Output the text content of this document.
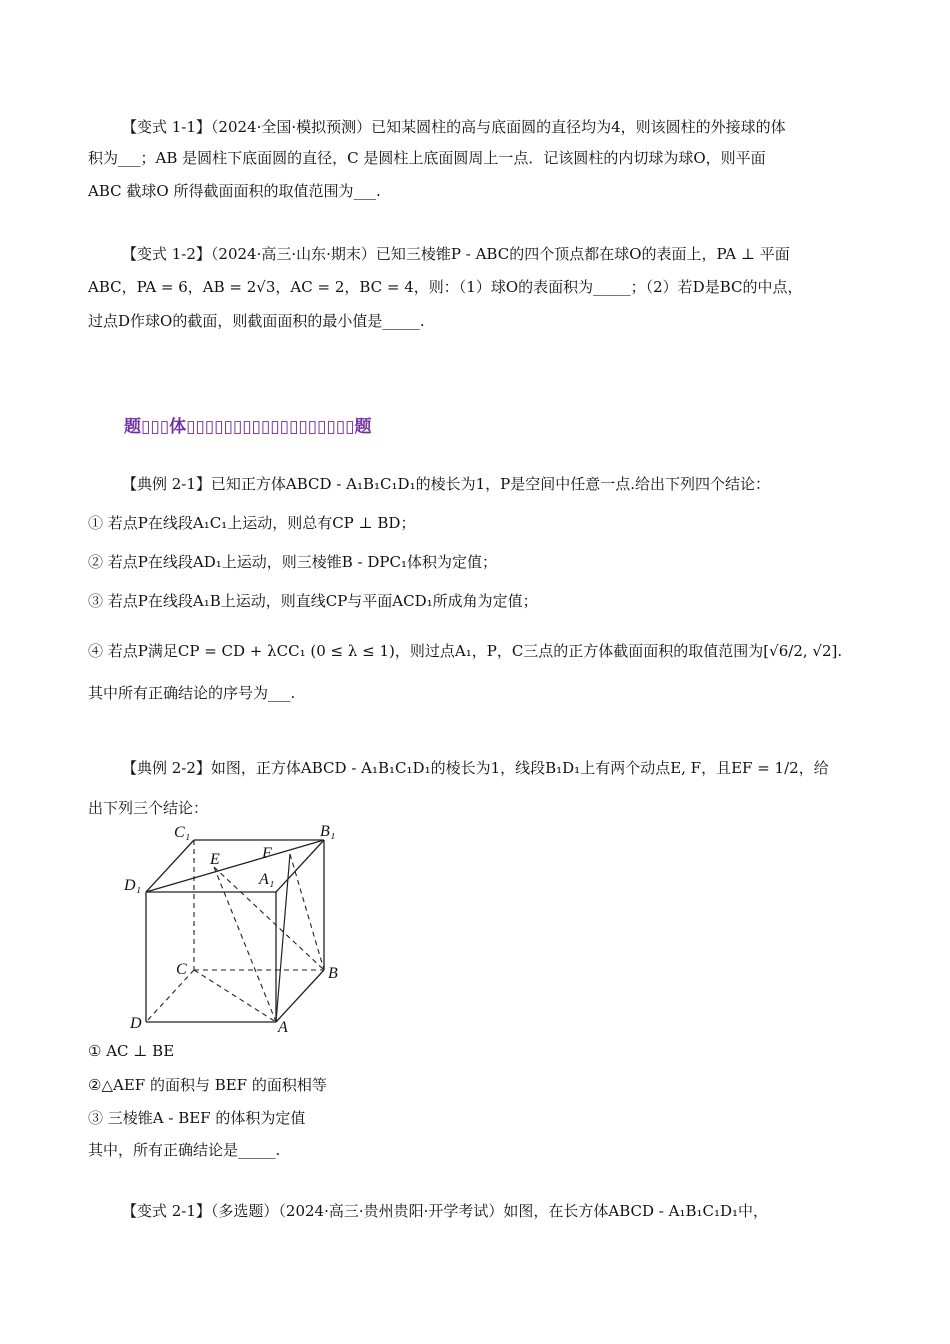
【变式 1-1】（2024·全国·模拟预测）已知某圆柱的高与底面圆的直径均为4，则该圆柱的外接球的体
积为___；AB 是圆柱下底面圆的直径，C 是圆柱上底面圆周上一点．记该圆柱的内切球为球O，则平面
ABC 截球O 所得截面面积的取值范围为___.
【变式 1-2】（2024·高三·山东·期末）已知三棱锥P - ABC的四个顶点都在球O的表面上，PA ⊥ 平面
ABC，PA = 6，AB = 2√3，AC = 2，BC = 4，则：（1）球O的表面积为_____；（2）若D是BC的中点，
过点D作球O的截面，则截面面积的最小值是_____.
题▯▯▯体▯▯▯▯▯▯▯▯▯▯▯▯▯▯▯▯▯▯题
【典例 2-1】已知正方体ABCD - A₁B₁C₁D₁的棱长为1，P是空间中任意一点.给出下列四个结论：
① 若点P在线段A₁C₁上运动，则总有CP ⊥ BD；
② 若点P在线段AD₁上运动，则三棱锥B - DPC₁体积为定值；
③ 若点P在线段A₁B上运动，则直线CP与平面ACD₁所成角为定值；
④ 若点P满足CP = CD + λCC₁ (0 ≤ λ ≤ 1)，则过点A₁，P，C三点的正方体截面面积的取值范围为[√6/2, √2].
其中所有正确结论的序号为___.
【典例 2-2】如图，正方体ABCD - A₁B₁C₁D₁的棱长为1，线段B₁D₁上有两个动点E, F，且EF = 1/2，给
出下列三个结论：
C₁	B₁
E	F
A₁
D₁
C	B
D	A
① AC ⊥ BE
②△AEF 的面积与 BEF 的面积相等
③ 三棱锥A - BEF 的体积为定值
其中，所有正确结论是_____.
【变式 2-1】（多选题）（2024·高三·贵州贵阳·开学考试）如图，在长方体ABCD - A₁B₁C₁D₁中，
